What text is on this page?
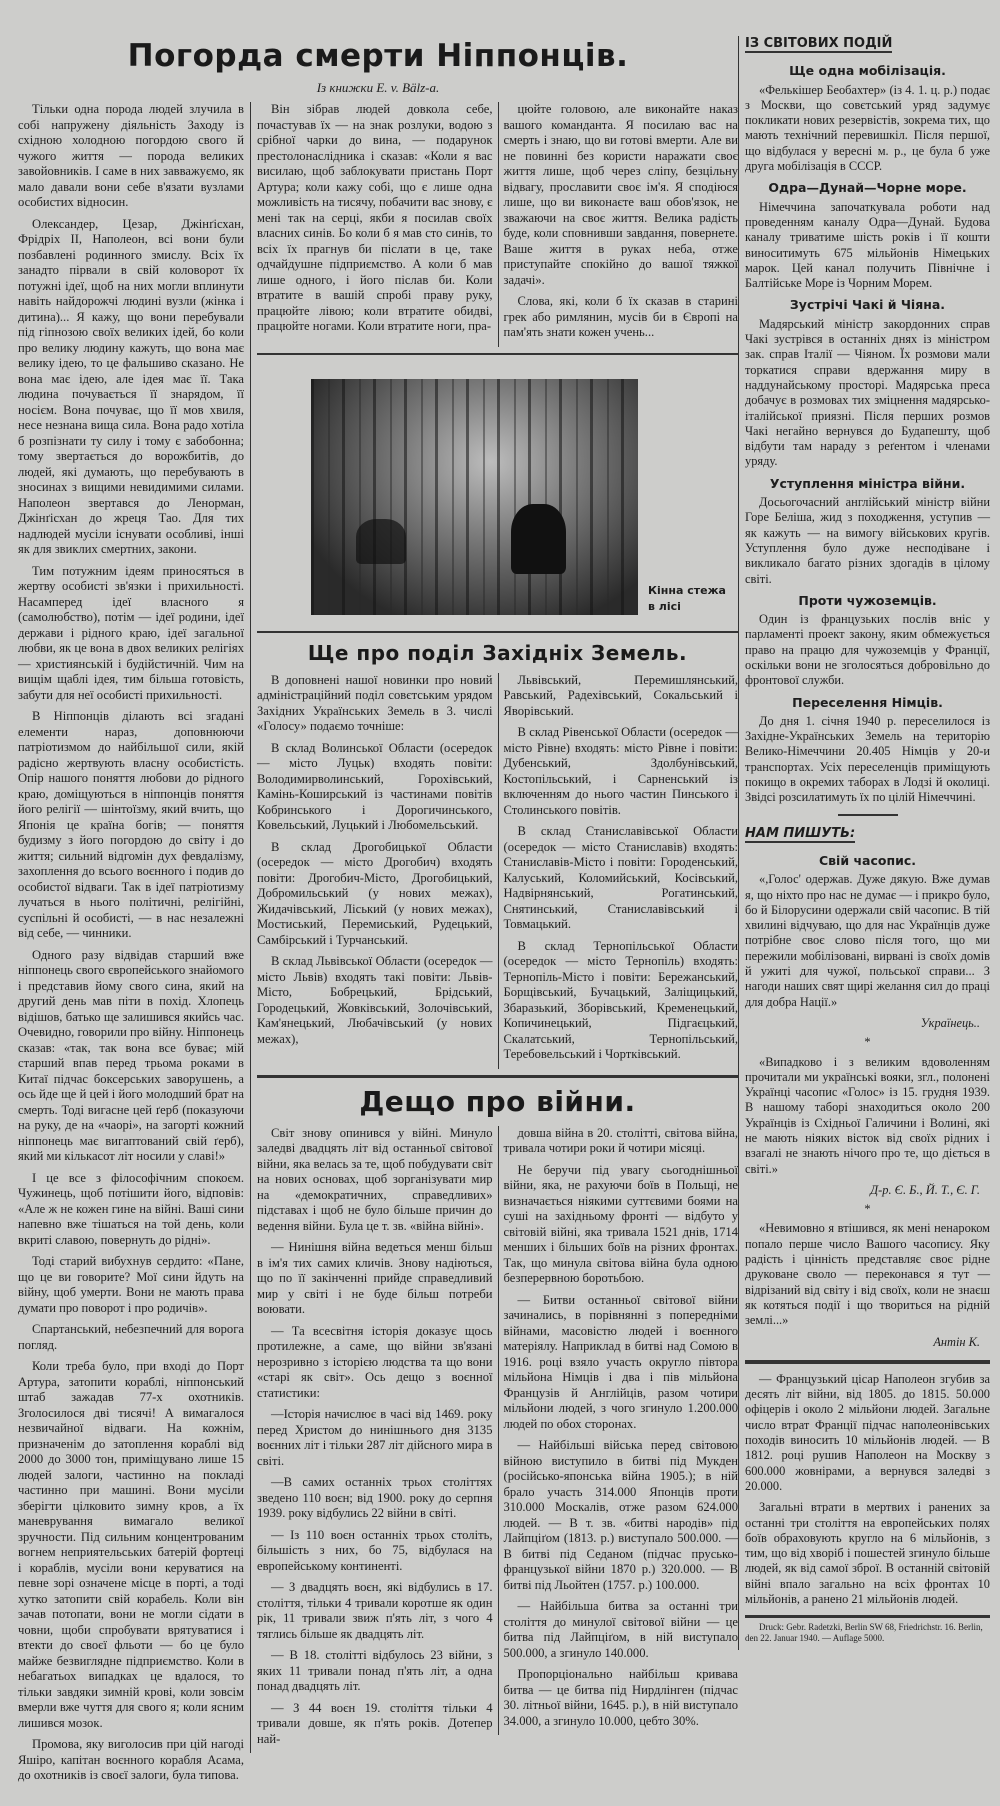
Погорда смерти Ніппонців.
Із книжки E. v. Bälz-a.

Тільки одна порода людей злучила в собі напружену діяльність Заходу із східною холодною погордою свого й чужого життя — порода великих завойовників. І саме в них завважуємо, як мало давали вони себе в'язати вузлами особистих відносин.

Олександер, Цезар, Джінґісхан, Фрідріх II, Наполеон, всі вони були позбавлені родинного змислу. Всіх їх занадто пірвали в свій коловорот їх потужні ідеї, щоб на них могли вплинути навіть найдорожчі людині вузли (жінка і дитина)... Я кажу, що вони перебували під гіпнозою своїх великих ідей, бо коли про велику людину кажуть, що вона має велику ідею, то це фальшиво сказано. Не вона має ідею, але ідея має її. Така людина почувається її знарядом, її носієм. Вона почуває, що її мов хвиля, несе незнана вища сила. Вона радо хотіла б розпізнати ту силу і тому є забобонна; тому звертається до ворожбитів, до людей, які думають, що перебувають в зносинах з вищими невидимими силами. Наполеон звертався до Ленорман, Джінґісхан до жреця Тао. Для тих надлюдей мусіли існувати особливі, інші як для звиклих смертних, закони.

Тим потужним ідеям приносяться в жертву особисті зв'язки і прихильності. Насамперед ідеї власного я (самолюбство), потім — ідеї родини, ідеї держави і рідного краю, ідеї загальної любви, як це вона в двох великих релігіях — християнській і будійстичній. Чим на вищім щаблі ідея, тим більша готовість, забути для неї особисті прихильності.

В Ніппонців ділають всі згадані елементи нараз, доповнюючи патріотизмом до найбільшої сили, якій радісно жертвують власну особистість. Опір нашого поняття любови до рідного краю, доміщуються в ніппонців поняття його релігії — шінтоїзму, який вчить, що Японія це країна богів; — поняття будизму з його погордою до світу і до життя; сильний відгомін дух февдалізму, захоплення до всього воєнного і подив до особистої відваги. Так в ідеї патріотизму лучаться в нього політичні, релігійні, суспільні й особисті, — в нас незалежні від себе, — чинники.

Одного разу відвідав старший вже ніппонець свого європейського знайомого і представив йому свого сина, який на другий день мав піти в похід. Хлопець відішов, батько ще залишився якийсь час. Очевидно, говорили про війну. Ніппонець сказав: «так, так вона все буває; мій старший впав перед трьома роками в Китаї підчас боксерських заворушень, а ось йде ще й цей і його молодший брат на смерть. Тоді вигасне цей ґерб (показуючи на руку, де на «чаорі», на загорті кожний ніппонець має вигаптований свій ґерб), який ми кількасот літ носили у славі!»

І це все з філософічним спокоєм. Чужинець, щоб потішити його, відповів: «Але ж не кожен гине на війні. Ваші сини напевно вже тішаться на той день, коли вкриті славою, повернуть до рідні».

Тоді старий вибухнув сердито: «Пане, що це ви говорите? Мої сини йдуть на війну, щоб умерти. Вони не мають права думати про поворот і про родичів».

Спартанський, небезпечний для ворога погляд.

Коли треба було, при вході до Порт Артура, затопити кораблі, ніппонський штаб зажадав 77-х охотників. Зголосилося дві тисячі! А вимагалося незвичайної відваги. На кожнім, призначенім до затоплення кораблі від 2000 до 3000 тон, приміщувано лише 15 людей залоги, частинно на покладі частинно при машині. Вони мусіли зберігти цілковито зимну кров, а їх маневрування вимагало великої зручности. Під сильним концентрованим вогнем неприятельських батерій фортеці і кораблів, мусіли вони керуватися на певне зорі означене місце в порті, а тоді хутко затопити свій корабель. Коли він зачав потопати, вони не могли сідати в човни, щоби спробувати врятуватися і втекти до своєї фльоти — бо це було майже безвиглядне підприємство. Коли в небагатьох випадках це вдалося, то тільки завдяки зимній крові, коли зовсім вмерли вже чуття для свого я; коли ясним лишився мозок.

Промова, яку виголосив при цій нагоді Яшіро, капітан воєнного корабля Асама, до охотників із своєї залоги, була типова.

Він зібрав людей довкола себе, почастував їх — на знак розлуки, водою з срібної чарки до вина, — подарунок престолонаслідника і сказав: «Коли я вас висилаю, щоб заблокувати пристань Порт Артура; коли кажу собі, що є лише одна можливість на тисячу, побачити вас знову, є мені так на серці, якби я посилав своїх власних синів. Бо коли б я мав сто синів, то всіх їх прагнув би післати в це, таке одчайдушне підприємство. А коли б мав лише одного, і його післав би. Коли втратите в вашій спробі праву руку, працюйте лівою; коли втратите обидві, працюйте ногами. Коли втратите ноги, пра-

цюйте головою, але виконайте наказ вашого команданта. Я посилаю вас на смерть і знаю, що ви готові вмерти. Але ви не повинні без користи наражати своє життя лише, щоб через сліпу, безцільну відвагу, прославити своє ім'я. Я сподіюся лише, що ви виконаєте ваш обов'язок, не зважаючи на своє життя. Велика радість буде, коли сповнивши завдання, повернете. Ваше життя в руках неба, отже приступайте спокійно до вашої тяжкої задачі».

Слова, які, коли б їх сказав в старині грек або римлянин, мусів би в Європі на пам'ять знати кожен учень...

Кінна стежа
в лісі
Ще про поділ Західніх Земель.

В доповнені нашої новинки про новий адміністраційний поділ совєтським урядом Західних Українських Земель в 3. числі «Голосу» подаємо точніше:

В склад Волинської Области (осередок — місто Луцьк) входять повіти: Володимирволинський, Горохівський, Камінь-Коширський із частинами повітів Кобринського і Дорогичинського, Ковельський, Луцький і Любомельський.

В склад Дрогобицької Области (осередок — місто Дрогобич) входять повіти: Дрогобич-Місто, Дрогобицький, Добромильський (у нових межах), Жидачівський, Ліський (у нових межах), Мостиський, Перемиський, Рудецький, Самбірський і Турчанський.

В склад Львівської Области (осередок — місто Львів) входять такі повіти: Львів-Місто, Бобрецький, Брідський, Городецький, Жовківський, Золочівський, Кам'янецький, Любачівський (у нових межах),

Львівський, Перемишлянський, Равський, Радехівський, Сокальський і Яворівський.

В склад Рівенської Области (осередок — місто Рівне) входять: місто Рівне і повіти: Дубенський, Здолбунівський, Костопільський, і Сарненський із включенням до нього частин Пинського і Столинського повітів.

В склад Станиславівської Области (осередок — місто Станиславів) входять: Станиславів-Місто і повіти: Городенський, Калуський, Коломийський, Косівський, Надвірнянський, Рогатинський, Снятинський, Станиславівський і Товмацький.

В склад Тернопільської Области (осередок — місто Тернопіль) входять: Тернопіль-Місто і повіти: Бережанський, Борщівський, Бучацький, Заліщицький, Збаразький, Зборівський, Кременецький, Копичинецький, Підгаєцький, Скалатський, Тернопільський, Теребовельський і Чортківський.

Дещо про війни.

Світ знову опинився у війні. Минуло заледві двадцять літ від останньої світової війни, яка велась за те, щоб побудувати світ на нових основах, щоб зорганізувати мир на «демократичних, справедливих» підставах і щоб не було більше причин до ведення війни. Була це т. зв. «війна війні».

— Нинішня війна ведеться менш більш в ім'я тих самих кличів. Знову надіються, що по її закінченні прийде справедливий мир у світі і не буде більш потреби воювати.

— Та всесвітня історія доказує щось протилежне, а саме, що війни зв'язані нерозривно з історією людства та що вони «старі як світ». Ось дещо з воєнної статистики:

—Історія начислює в часі від 1469. року перед Христом до нинішнього дня 3135 воєнних літ і тільки 287 літ дійсного мира в світі.

—В самих останніх трьох століттях зведено 110 воєн; від 1900. року до серпня 1939. року відбулись 22 війни в світі.

— Із 110 воєн останніх трьох століть, більшість з них, бо 75, відбулася на европейському континенті.

— З двадцять воєн, які відбулись в 17. століття, тільки 4 тривали коротше як один рік, 11 тривали звиж п'ять літ, з чого 4 тяглись більше як двадцять літ.

— В 18. столітті відбулось 23 війни, з яких 11 тривали понад п'ять літ, а одна понад двадцять літ.

— З 44 воєн 19. століття тільки 4 тривали довше, як п'ять років. Дотепер най-

довша війна в 20. столітті, світова війна, тривала чотири роки й чотири місяці.

Не беручи під увагу сьогоднішньої війни, яка, не рахуючи боїв в Польщі, не визначається ніякими суттєвими боями на суші на західньому фронті — відбуто у світовій війні, яка тривала 1521 днів, 1714 менших і більших боїв на різних фронтах. Так, що минула світова війна була одною безперервною боротьбою.

— Битви останньої світової війни зачинались, в порівнянні з попередніми війнами, масовістю людей і воєнного матеріялу. Наприклад в битві над Сомою в 1916. році взяло участь округло півтора мільйона Німців і два і пів мільйона Французів й Англійців, разом чотири мільйони людей, з чого згинуло 1.200.000 людей по обох сторонах.

— Найбільші війська перед світовою війною виступило в битві під Мукден (російсько-японська війна 1905.); в ній брало участь 314.000 Японців проти 310.000 Москалів, отже разом 624.000 людей. — В т. зв. «битві народів» під Лайпціґом (1813. р.) виступало 500.000. — В битві під Седаном (підчас прусько-французької війни 1870 р.) 320.000. — В битві під Льойтен (1757. р.) 100.000.

— Найбільша битва за останні три століття до минулої світової війни — це битва під Лайпціґом, в ній виступало 500.000, а згинуло 140.000.

Пропорціонально найбільш кривава битва — це битва під Нирдлінген (підчас 30. літньої війни, 1645. р.), в ній виступало 34.000, а згинуло 10.000, цебто 30%.

ІЗ СВІТОВИХ ПОДІЙ
Ще одна мобілізація.

«Фелькішер Беобахтер» (із 4. 1. ц. р.) подає з Москви, що совєтський уряд задумує покликати нових резервістів, зокрема тих, що мають технічний перевишкіл. Після першої, що відбулася у вересні м. р., це була б уже друга мобілізація в СССР.

Одра—Дунай—Чорне море.

Німеччина започаткувала роботи над проведенням каналу Одра—Дунай. Будова каналу триватиме шість років і її кошти виноситимуть 675 мільйонів Німецьких марок. Цей канал получить Північне і Балтійське Море із Чорним Морем.

Зустрічі Чакі й Чіяна.

Мадярський міністр закордонних справ Чакі зустрівся в останніх днях із міністром зак. справ Італії — Чіяном. Їх розмови мали торкатися справи вдержання миру в наддунайському просторі. Мадярська преса добачує в розмовах тих зміцнення мадярсько-італійської приязні. Після перших розмов Чакі негайно вернувся до Будапешту, щоб відбути там нараду з реґентом і членами уряду.

Уступлення міністра війни.

Досьогочасний англійський міністр війни Горе Беліша, жид з походження, уступив — як кажуть — на вимогу військових кругів. Уступлення було дуже несподіване і викликало багато різних здогадів в цілому світі.

Проти чужоземців.

Один із французьких послів вніс у парламенті проект закону, яким обмежується право на працю для чужоземців у Франції, оскільки вони не зголосяться добровільно до фронтової служби.

Переселення Німців.

До дня 1. січня 1940 р. переселилося із Західне-Українських Земель на територію Велико-Німеччини 20.405 Німців у 20-и транспортах. Усіх переселенців приміщують покищо в окремих таборах в Лодзі й околиці. Звідсі розсилатимуть їх по цілій Німеччині.

НАМ ПИШУТЬ:
Свій часопис.

«,Голос' одержав. Дуже дякую. Вже думав я, що ніхто про нас не думає — і прикро було, бо й Білорусини одержали свій часопис. В тій хвилині відчуваю, що для нас Українців дуже потрібне своє слово після того, що ми пережили мобілізовані, вирвані із своїх домів й ужиті для чужої, польської справи... З нагоди наших свят щирі желання сил до праці для добра Нації.»

Українець..
*

«Випадково і з великим вдоволенням прочитали ми українські вояки, згл., полонені Українці часопис «Голос» із 15. грудня 1939. В нашому таборі знаходиться около 200 Українців із Східньої Галичини і Волині, які не мають ніяких вісток від своїх рідних і взагалі не знають нічого про те, що діється в світі.»

Д-р. Є. Б., Й. Т., Є. Г.
*

«Невимовно я втішився, як мені ненароком попало перше число Вашого часопису. Яку радість і цінність представляє своє рідне друковане своло — переконався я тут — відрізаний від світу і від своїх, коли не знаєш як котяться події і що твориться на рідній землі...»

Антін К.

— Французький цісар Наполеон згубив за десять літ війни, від 1805. до 1815. 50.000 офіцерів і около 2 мільйони людей. Загальне число втрат Франції підчас наполеонівських походів виносить 10 мільйонів людей. — В 1812. році рушив Наполеон на Москву з 600.000 жовнірами, а вернувся заледві з 20.000.

Загальні втрати в мертвих і ранених за останні три століття на европейських полях боїв обраховують кругло на 6 мільйонів, з тим, що від хворіб і пошестей згинуло більше людей, як від самої зброї. В останній світовій війні впало загально на всіх фронтах 10 мільйонів, а ранено 21 мільйонів людей.

Druck: Gebr. Radetzki, Berlin SW 68, Friedrichstr. 16. Berlin, den 22. Januar 1940. — Auflage 5000.
